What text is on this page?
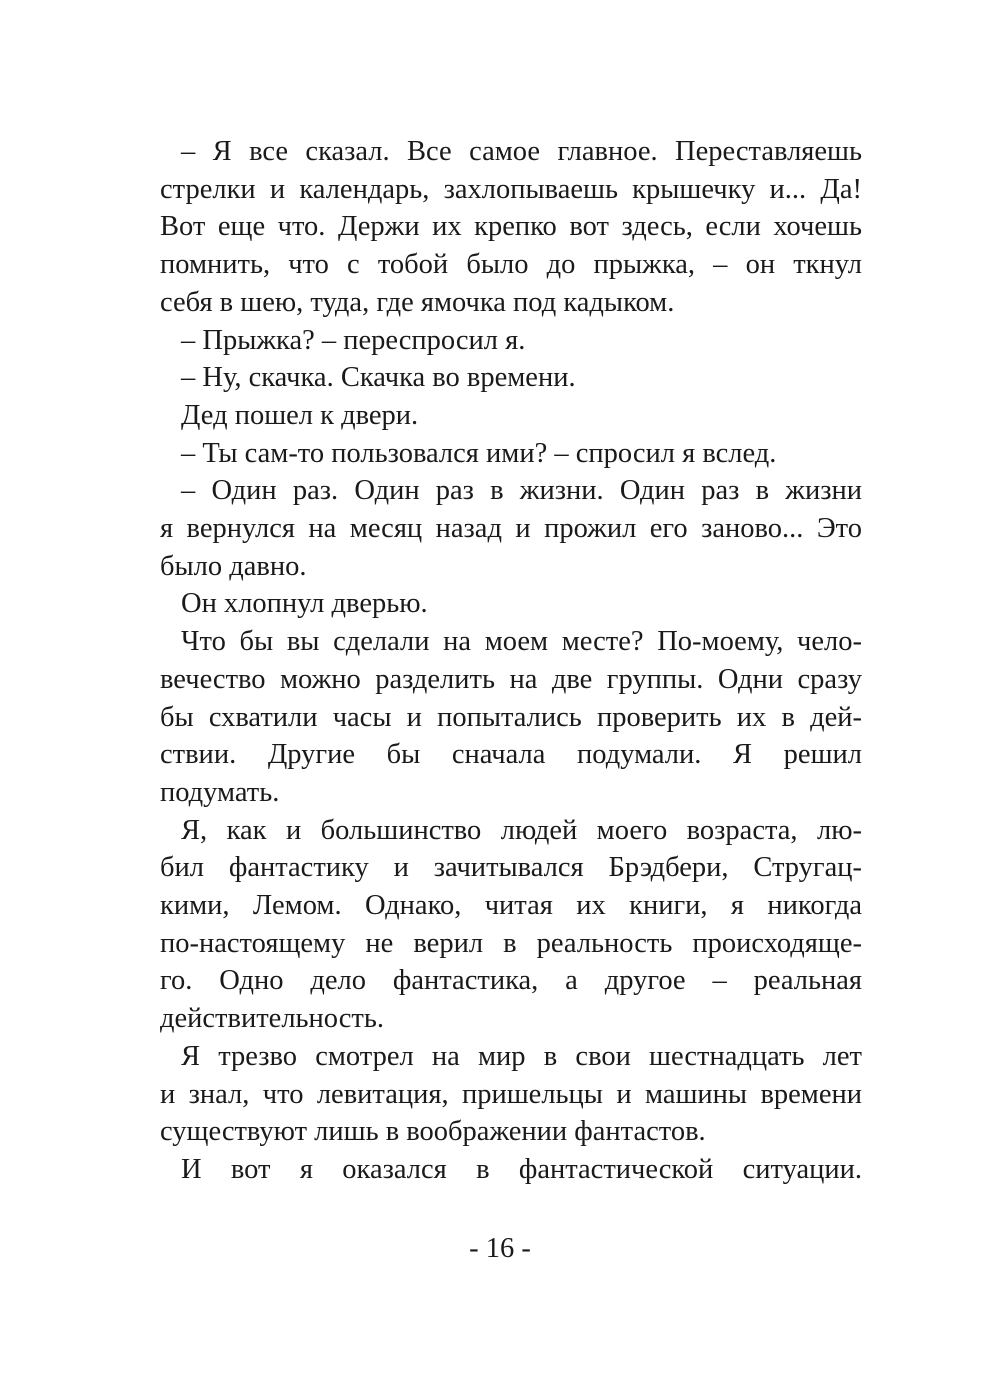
– Я все сказал. Все самое главное. Переставляешь
стрелки и календарь, захлопываешь крышечку и... Да!
Вот еще что. Держи их крепко вот здесь, если хочешь
помнить, что с тобой было до прыжка, – он ткнул
себя в шею, туда, где ямочка под кадыком.
– Прыжка? – переспросил я.
– Ну, скачка. Скачка во времени.
Дед пошел к двери.
– Ты сам-то пользовался ими? – спросил я вслед.
– Один раз. Один раз в жизни. Один раз в жизни
я вернулся на месяц назад и прожил его заново... Это
было давно.
Он хлопнул дверью.
Что бы вы сделали на моем месте? По-моему, чело-
вечество можно разделить на две группы. Одни сразу
бы схватили часы и попытались проверить их в дей-
ствии. Другие бы сначала подумали. Я решил
подумать.
Я, как и большинство людей моего возраста, лю-
бил фантастику и зачитывался Брэдбери, Стругац-
кими, Лемом. Однако, читая их книги, я никогда
по-настоящему не верил в реальность происходяще-
го. Одно дело фантастика, а другое – реальная
действительность.
Я трезво смотрел на мир в свои шестнадцать лет
и знал, что левитация, пришельцы и машины времени
существуют лишь в воображении фантастов.
И вот я оказался в фантастической ситуации.
- 16 -
